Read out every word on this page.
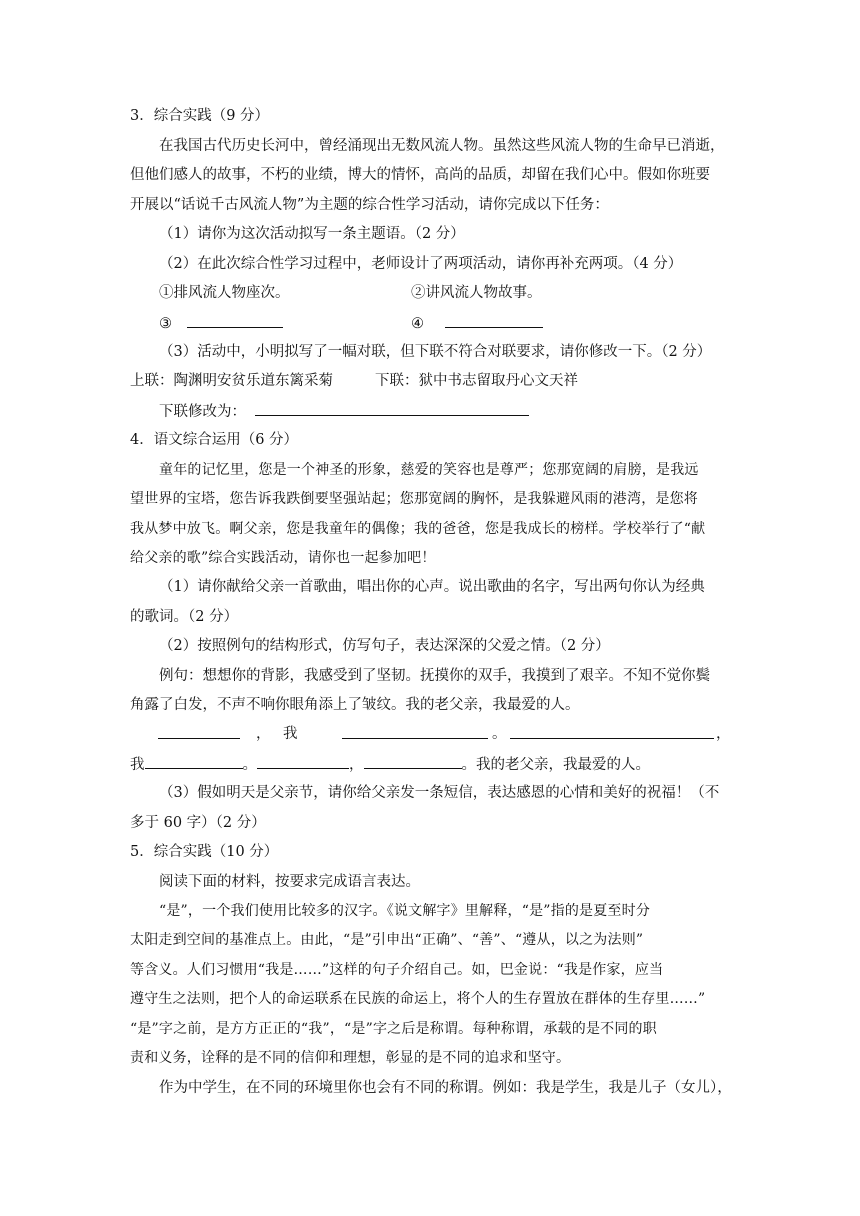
3．综合实践（9 分）
在我国古代历史长河中，曾经涌现出无数风流人物。虽然这些风流人物的生命早已消逝，
但他们感人的故事，不朽的业绩，博大的情怀，高尚的品质，却留在我们心中。假如你班要
开展以“话说千古风流人物”为主题的综合性学习活动，请你完成以下任务：
（1）请你为这次活动拟写一条主题语。（2 分）
（2）在此次综合性学习过程中，老师设计了两项活动，请你再补充两项。（4 分）
①排风流人物座次。	②讲风流人物故事。
③	④
（3）活动中，小明拟写了一幅对联，但下联不符合对联要求，请你修改一下。（2 分）
上联：陶渊明安贫乐道东篱采菊	下联：狱中书志留取丹心文天祥
下联修改为：
4．语文综合运用（6 分）
童年的记忆里，您是一个神圣的形象，慈爱的笑容也是尊严；您那宽阔的肩膀，是我远
望世界的宝塔，您告诉我跌倒要坚强站起；您那宽阔的胸怀，是我躲避风雨的港湾，是您将
我从梦中放飞。啊父亲，您是我童年的偶像；我的爸爸，您是我成长的榜样。学校举行了“献
给父亲的歌”综合实践活动，请你也一起参加吧！
（1）请你献给父亲一首歌曲，唱出你的心声。说出歌曲的名字，写出两句你认为经典
的歌词。（2 分）
（2）按照例句的结构形式，仿写句子，表达深深的父爱之情。（2 分）
例句：想想你的背影，我感受到了坚韧。抚摸你的双手，我摸到了艰辛。不知不觉你鬓
角露了白发，不声不响你眼角添上了皱纹。我的老父亲，我最爱的人。
， 我	。	，
我	。	，	。我的老父亲，我最爱的人。
（3）假如明天是父亲节，请你给父亲发一条短信，表达感恩的心情和美好的祝福！（不
多于 60 字）（2 分）
5．综合实践（10 分）
阅读下面的材料，按要求完成语言表达。
“是”，一个我们使用比较多的汉字。《说文解字》里解释，“是”指的是夏至时分
太阳走到空间的基准点上。由此，“是”引申出“正确”、“善”、“遵从，以之为法则”
等含义。人们习惯用“我是……”这样的句子介绍自己。如，巴金说：“我是作家，应当
遵守生之法则，把个人的命运联系在民族的命运上，将个人的生存置放在群体的生存里……”
“是”字之前，是方方正正的“我”，“是”字之后是称谓。每种称谓，承载的是不同的职
责和义务，诠释的是不同的信仰和理想，彰显的是不同的追求和坚守。
作为中学生，在不同的环境里你也会有不同的称谓。例如：我是学生，我是儿子（女儿），
